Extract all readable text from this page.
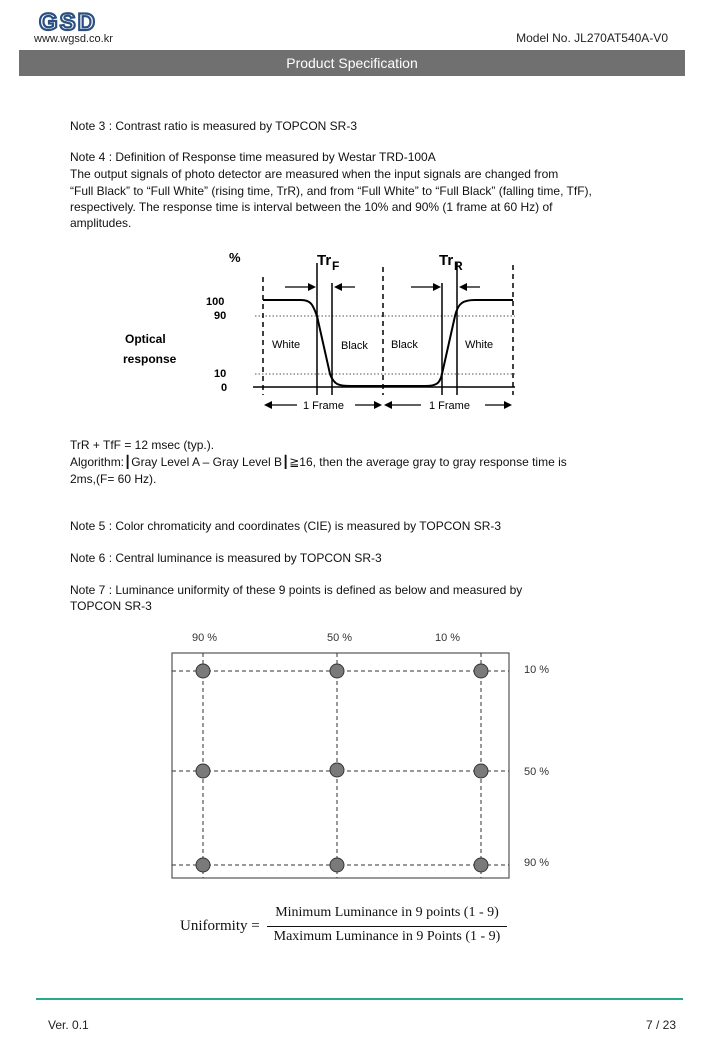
GSD
www.wgsd.co.kr	Model No. JL270AT540A-V0
Product Specification
Note 3 : Contrast ratio is measured by TOPCON SR-3
Note 4 : Definition of Response time measured by Westar TRD-100A
The output signals of photo detector are measured when the input signals are changed from
“Full Black” to “Full White” (rising time, TrR), and from “Full White” to “Full Black” (falling time, TfF),
respectively. The response time is interval between the 10% and 90% (1 frame at 60 Hz) of
amplitudes.
%	Tr F	Tr R
100
90
10
0
Optical
response
White	Black Black	White
1 Frame	1 Frame
TrR + TfF = 12 msec (typ.).
Algorithm:┃Gray Level A – Gray Level B┃≧16, then the average gray to gray response time is
2ms,(F= 60 Hz).
Note 5 : Color chromaticity and coordinates (CIE) is measured by TOPCON SR-3
Note 6 : Central luminance is measured by TOPCON SR-3
Note 7 : Luminance uniformity of these 9 points is defined as below and measured by
TOPCON SR-3
90 %	50 %	10 %
10 %
50 %
90 %
Uniformity =
Minimum Luminance in 9 points (1 - 9)
Maximum Luminance in 9 Points (1 - 9)
Ver. 0.1	7 / 23
